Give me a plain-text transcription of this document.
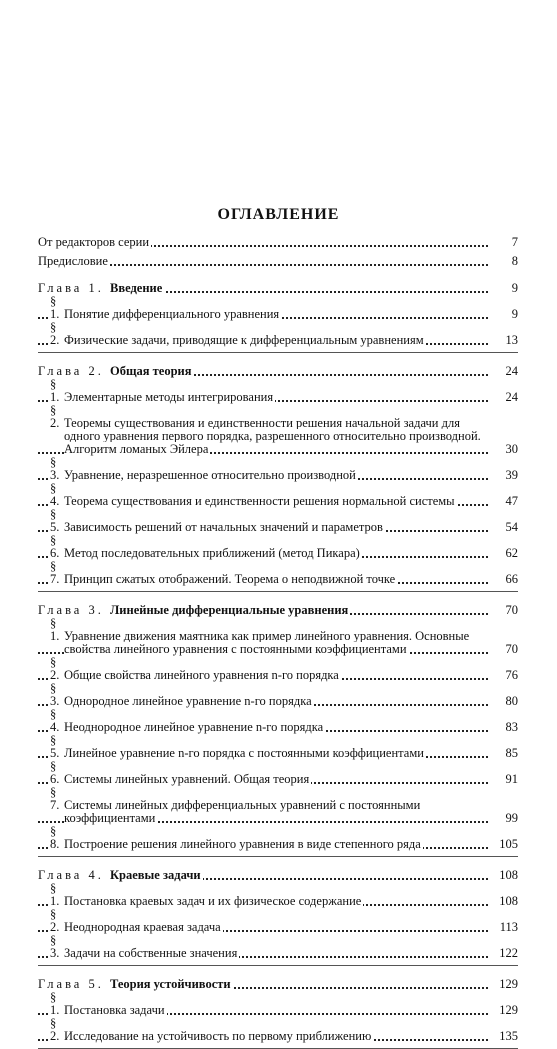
ОГЛАВЛЕНИЕ
От редакторов серии	7
Предисловие	8
Глава 1. Введение	9
§ 1.Понятие дифференциального уравнения	9
§ 2.Физические задачи, приводящие к дифференциальным уравнениям	13
Глава 2. Общая теория	24
§ 1.Элементарные методы интегрирования	24
§ 2.Теоремы существования и единственности решения начальной задачи для одного уравнения первого порядка, разрешенного относительно производной. Алгоритм ломаных Эйлера	30
§ 3.Уравнение, неразрешенное относительно производной	39
§ 4.Теорема существования и единственности решения нормальной системы	47
§ 5.Зависимость решений от начальных значений и параметров	54
§ 6.Метод последовательных приближений (метод Пикара)	62
§ 7.Принцип сжатых отображений. Теорема о неподвижной точке	66
Глава 3. Линейные дифференциальные уравнения	70
§ 1.Уравнение движения маятника как пример линейного уравнения. Основные свойства линейного уравнения с постоянными коэффициентами	70
§ 2.Общие свойства линейного уравнения n-го порядка	76
§ 3.Однородное линейное уравнение n-го порядка	80
§ 4.Неоднородное линейное уравнение n-го порядка	83
§ 5.Линейное уравнение n-го порядка с постоянными коэффициентами	85
§ 6.Системы линейных уравнений. Общая теория	91
§ 7.Системы линейных дифференциальных уравнений с постоянными коэффициентами	99
§ 8.Построение решения линейного уравнения в виде степенного ряда	105
Глава 4. Краевые задачи	108
§ 1.Постановка краевых задач и их физическое содержание	108
§ 2.Неоднородная краевая задача	113
§ 3.Задачи на собственные значения	122
Глава 5. Теория устойчивости	129
§ 1.Постановка задачи	129
§ 2.Исследование на устойчивость по первому приближению	135
